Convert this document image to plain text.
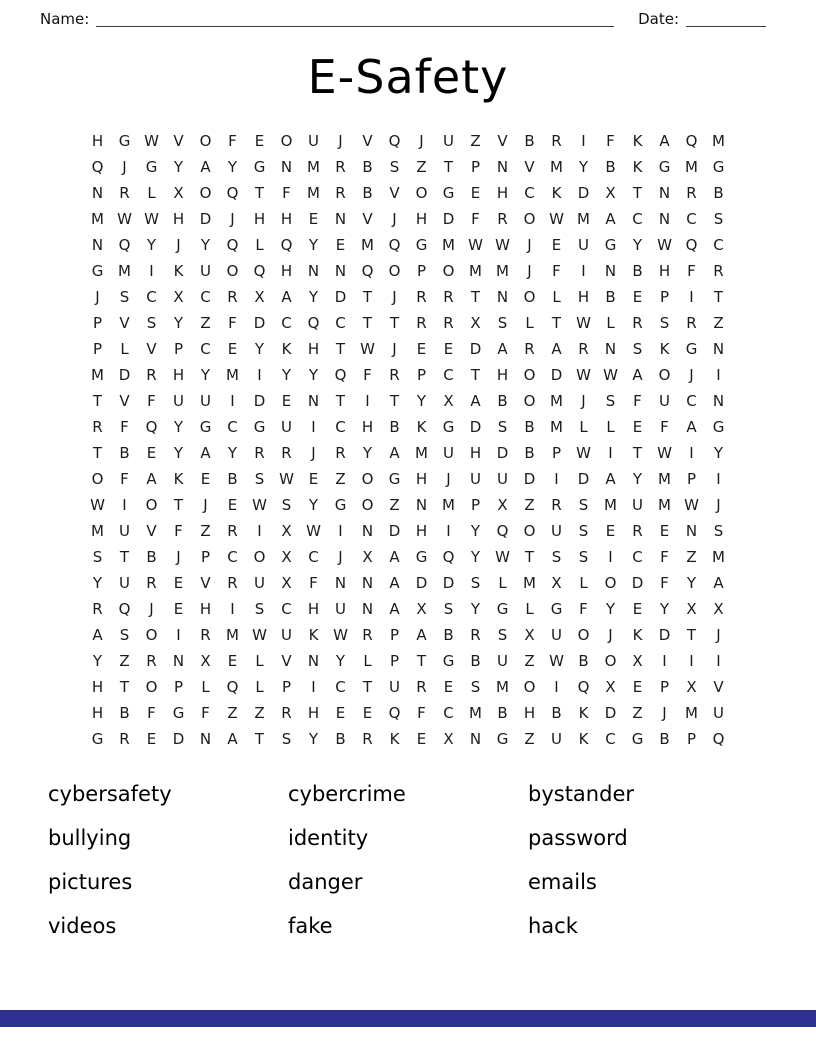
Name:	Date:
E-Safety
H	G W V	O	F	E	O	U	J	V	Q	J	U	Z	V	B	R	I	F	K	A	Q M
Q	J	G	Y	A	Y	G	N M	R	B	S	Z	T	P	N	V	M	Y	B	K	G M G
N	R	L	X	O	Q	T	F	M	R	B	V	O	G	E	H	C	K	D	X	T	N	R	B
M W W H	D	J	H	H	E	N	V	J	H	D	F	R	O W M	A	C	N	C	S
N	Q	Y	J	Y	Q	L	Q	Y	E	M Q	G M W W	J	E	U	G	Y	W Q	C
G M	I	K	U	O	Q	H	N	N	Q	O	P	O M M	J	F	I	N	B	H	F	R
J	S	C	X	C	R	X	A	Y	D	T	J	R	R	T	N	O	L	H	B	E	P	I	T
P	V	S	Y	Z	F	D	C	Q	C	T	T	R	R	X	S	L	T	W	L	R	S	R	Z
P	L	V	P	C	E	Y	K	H	T	W	J	E	E	D	A	R	A	R	N	S	K	G	N
M D	R	H	Y	M	I	Y	Y	Q	F	R	P	C	T	H	O	D W W A	O	J	I
T	V	F	U	U	I	D	E	N	T	I	T	Y	X	A	B	O M	J	S	F	U	C	N
R	F	Q	Y	G	C	G	U	I	C	H	B	K	G	D	S	B	M	L	L	E	F	A	G
T	B	E	Y	A	Y	R	R	J	R	Y	A	M	U	H	D	B	P	W	I	T	W	I	Y
O	F	A	K	E	B	S W E	Z	O	G	H	J	U	U	D	I	D	A	Y	M	P	I
W	I	O	T	J	E W S	Y	G	O	Z	N M	P	X	Z	R	S	M	U	M W	J
M	U	V	F	Z	R	I	X W	I	N	D	H	I	Y	Q	O	U	S	E	R	E	N	S
S	T	B	J	P	C	O	X	C	J	X	A	G	Q	Y	W T	S	S	I	C	F	Z	M
Y	U	R	E	V	R	U	X	F	N	N	A	D	D	S	L	M	X	L	O	D	F	Y	A
R	Q	J	E	H	I	S	C	H	U	N	A	X	S	Y	G	L	G	F	Y	E	Y	X	X
A	S	O	I	R	M W U	K W R	P	A	B	R	S	X	U	O	J	K	D	T	J
Y	Z	R	N	X	E	L	V	N	Y	L	P	T	G	B	U	Z W B	O	X	I	I	I
H	T	O	P	L	Q	L	P	I	C	T	U	R	E	S	M O	I	Q	X	E	P	X	V
H	B	F	G	F	Z	Z	R	H	E	E	Q	F	C	M	B	H	B	K	D	Z	J	M	U
G	R	E	D	N	A	T	S	Y	B	R	K	E	X	N	G	Z	U	K	C	G	B	P	Q
cybersafety
bullying
pictures
videos
cybercrime
identity
danger
fake
bystander
password
emails
hack
